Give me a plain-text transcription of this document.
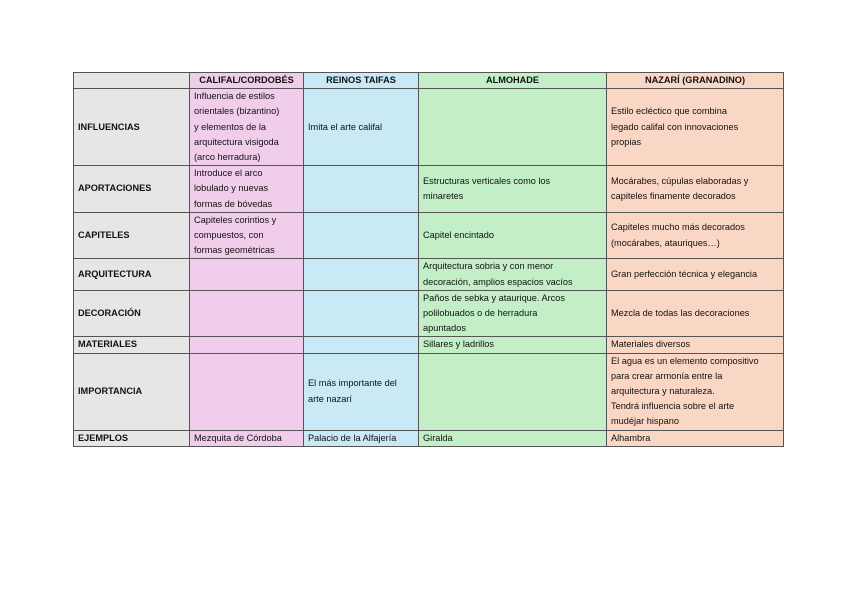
	CALIFAL/CORDOBÉS	REINOS TAIFAS	ALMOHADE	NAZARÍ (GRANADINO)
INFLUENCIAS	Influencia de estilos
orientales (bizantino)
y elementos de la
arquitectura visigoda
(arco herradura)	Imita el arte califal		Estilo ecléctico que combina
legado califal con innovaciones
propias

APORTACIONES	Introduce el arco
lobulado y nuevas
formas de bóvedas		Estructuras verticales como los
minaretes	Mocárabes, cúpulas elaboradas y
capiteles finamente decorados

CAPITELES	Capiteles corintios y
compuestos, con
formas geométricas		Capitel encintado	Capiteles mucho más decorados
(mocárabes, atauriques…)

ARQUITECTURA			Arquitectura sobria y con menor
decoración, amplios espacios vacíos	Gran perfección técnica y elegancia

DECORACIÓN			Paños de sebka y ataurique. Arcos
polilobuados o de herradura
apuntados	Mezcla de todas las decoraciones

MATERIALES			Sillares y ladrillos	Materiales diversos

IMPORTANCIA		El más importante del
arte nazarí		El agua es un elemento compositivo
para crear armonía entre la
arquitectura y naturaleza.
Tendrá influencia sobre el arte
mudéjar hispano

EJEMPLOS	Mezquita de Córdoba	Palacio de la Alfajería	Giralda	Alhambra
